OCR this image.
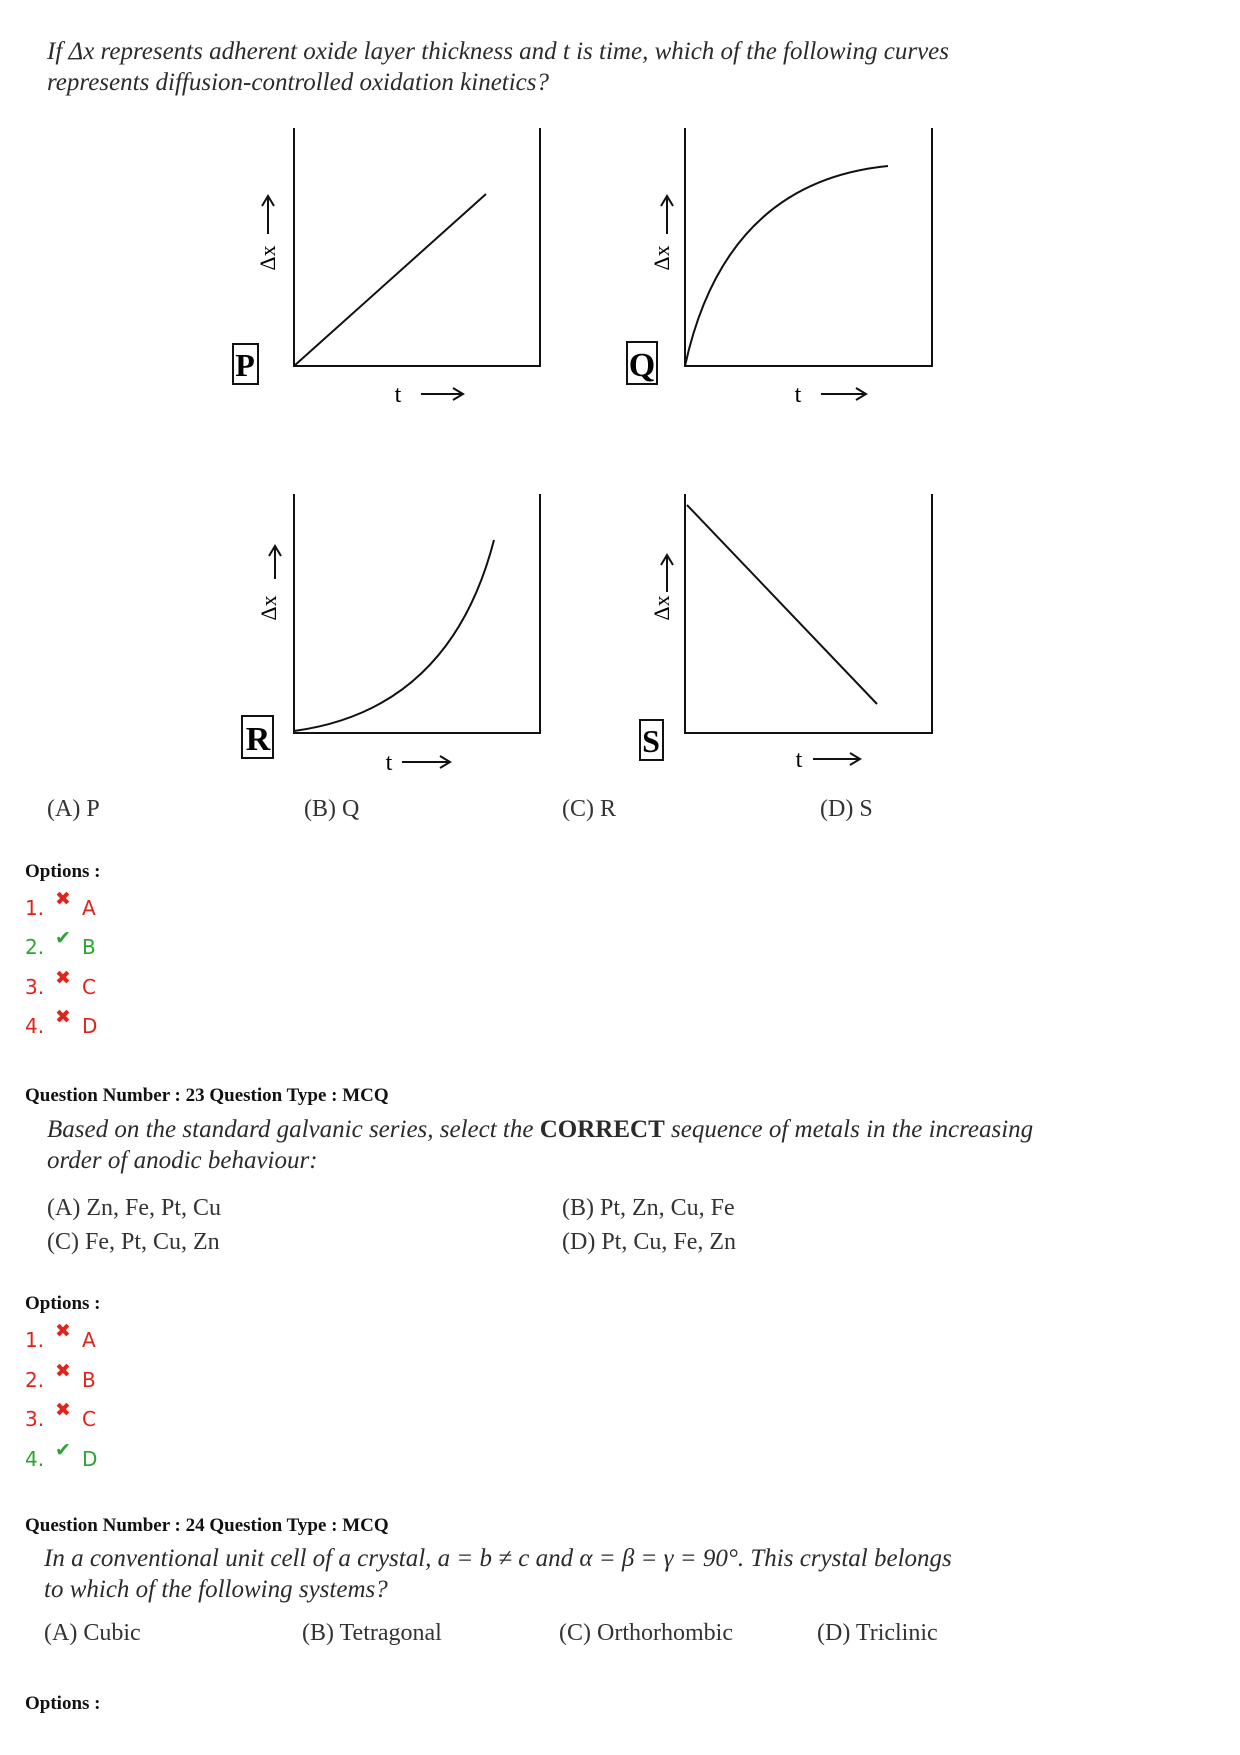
If Δx represents adherent oxide layer thickness and t is time, which of the following curves
represents diffusion-controlled oxidation kinetics?
P
Δx
t
Q
Δx
t
R
Δx
t
S
Δx
t
(A) P	(B) Q	(C) R	(D) S
Options :
1. ✖ A
2. ✔ B
3. ✖ C
4. ✖ D
Question Number : 23 Question Type : MCQ
Based on the standard galvanic series, select the CORRECT sequence of metals in the increasing
order of anodic behaviour:
(A) Zn, Fe, Pt, Cu	(B) Pt, Zn, Cu, Fe
(C) Fe, Pt, Cu, Zn	(D) Pt, Cu, Fe, Zn
Options :
1. ✖ A
2. ✖ B
3. ✖ C
4. ✔ D
Question Number : 24 Question Type : MCQ
In a conventional unit cell of a crystal, a = b ≠ c and α = β = γ = 90°. This crystal belongs
to which of the following systems?
(A) Cubic	(B) Tetragonal	(C) Orthorhombic	(D) Triclinic
Options :
